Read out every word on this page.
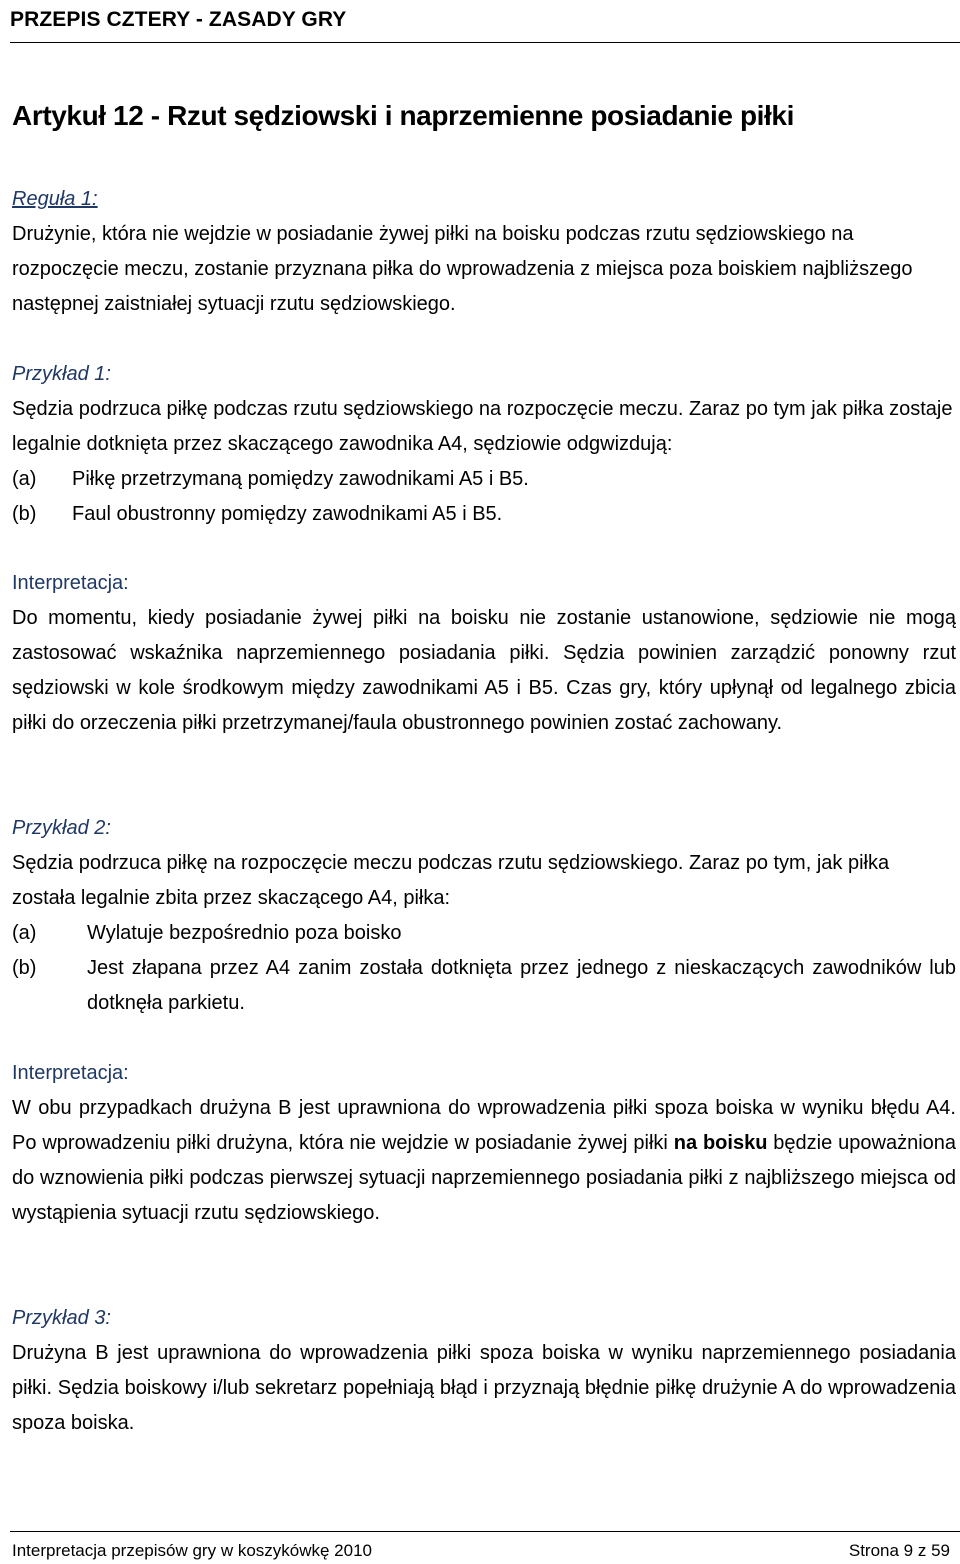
PRZEPIS CZTERY - ZASADY GRY
Artykuł 12 - Rzut sędziowski i naprzemienne posiadanie piłki
Reguła 1:

Drużynie, która nie wejdzie w posiadanie żywej piłki na boisku podczas rzutu sędziowskiego na rozpoczęcie meczu, zostanie przyznana piłka do wprowadzenia z miejsca poza boiskiem najbliższego następnej zaistniałej sytuacji rzutu sędziowskiego.

Przykład 1:

Sędzia podrzuca piłkę podczas rzutu sędziowskiego na rozpoczęcie meczu. Zaraz po tym jak piłka zostaje legalnie dotknięta przez skaczącego zawodnika A4, sędziowie odgwizdują:

(a)	Piłkę przetrzymaną pomiędzy zawodnikami A5 i B5.
(b)	Faul obustronny pomiędzy zawodnikami A5 i B5.
Interpretacja:

Do momentu, kiedy posiadanie żywej piłki na boisku nie zostanie ustanowione, sędziowie nie mogą zastosować wskaźnika naprzemiennego posiadania piłki. Sędzia powinien zarządzić ponowny rzut sędziowski w kole środkowym między zawodnikami A5 i B5. Czas gry, który upłynął od legalnego zbicia piłki do orzeczenia piłki przetrzymanej/faula obustronnego powinien zostać zachowany.

Przykład 2:

Sędzia podrzuca piłkę na rozpoczęcie meczu podczas rzutu sędziowskiego. Zaraz po tym, jak piłka została legalnie zbita przez skaczącego A4, piłka:

(a)	Wylatuje bezpośrednio poza boisko
(b)	Jest złapana przez A4 zanim została dotknięta przez jednego z nieskaczących zawodników lub dotknęła parkietu.
Interpretacja:

W obu przypadkach drużyna B jest uprawniona do wprowadzenia piłki spoza boiska w wyniku błędu A4. Po wprowadzeniu piłki drużyna, która nie wejdzie w posiadanie żywej piłki na boisku będzie upoważniona do wznowienia piłki podczas pierwszej sytuacji naprzemiennego posiadania piłki z najbliższego miejsca od wystąpienia sytuacji rzutu sędziowskiego.

Przykład 3:

Drużyna B jest uprawniona do wprowadzenia piłki spoza boiska w wyniku naprzemiennego posiadania piłki. Sędzia boiskowy i/lub sekretarz popełniają błąd i przyznają błędnie piłkę drużynie A do wprowadzenia spoza boiska.

Interpretacja przepisów gry w koszykówkę 2010	Strona 9 z 59
